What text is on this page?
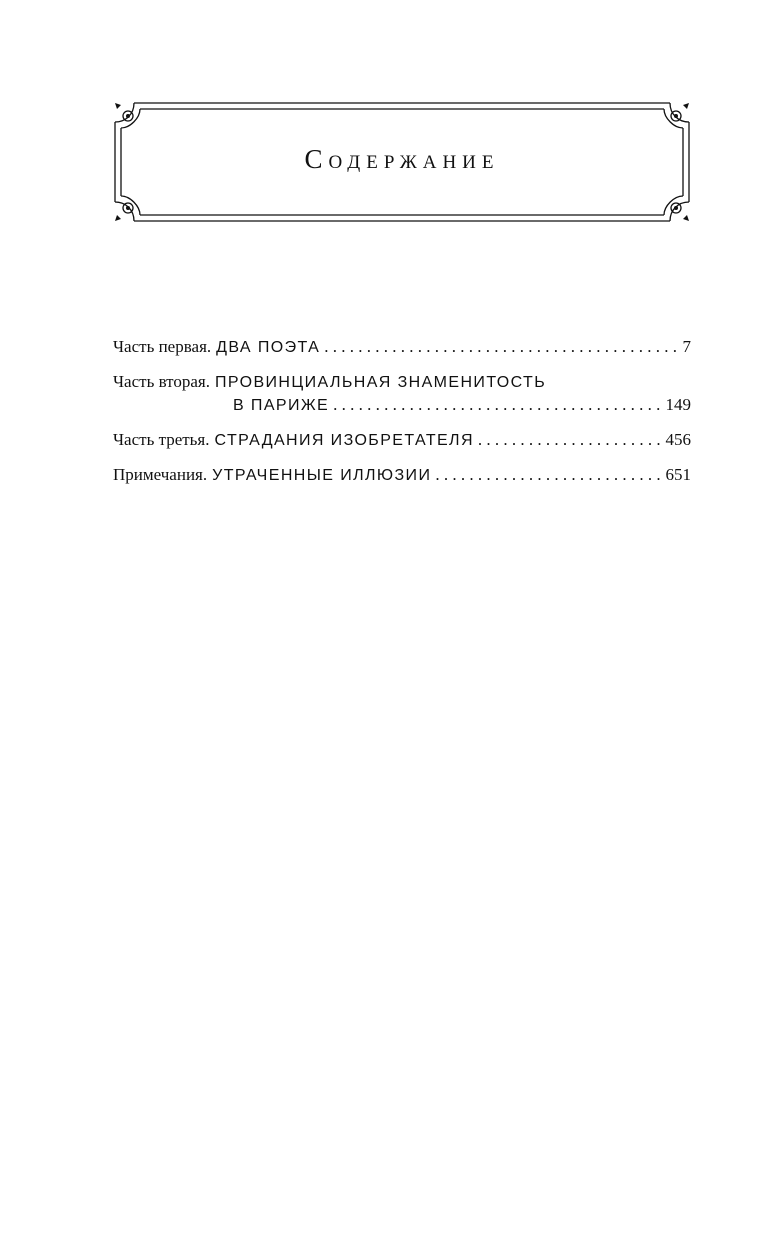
Содержание
Часть первая. ДВА ПОЭТА . . .	7
Часть вторая. ПРОВИНЦИАЛЬНАЯ ЗНАМЕНИТОСТЬ
В ПАРИЖЕ . . .	149
Часть третья. СТРАДАНИЯ ИЗОБРЕТАТЕЛЯ . . .	456
Примечания. УТРАЧЕННЫЕ ИЛЛЮЗИИ . . .	651
